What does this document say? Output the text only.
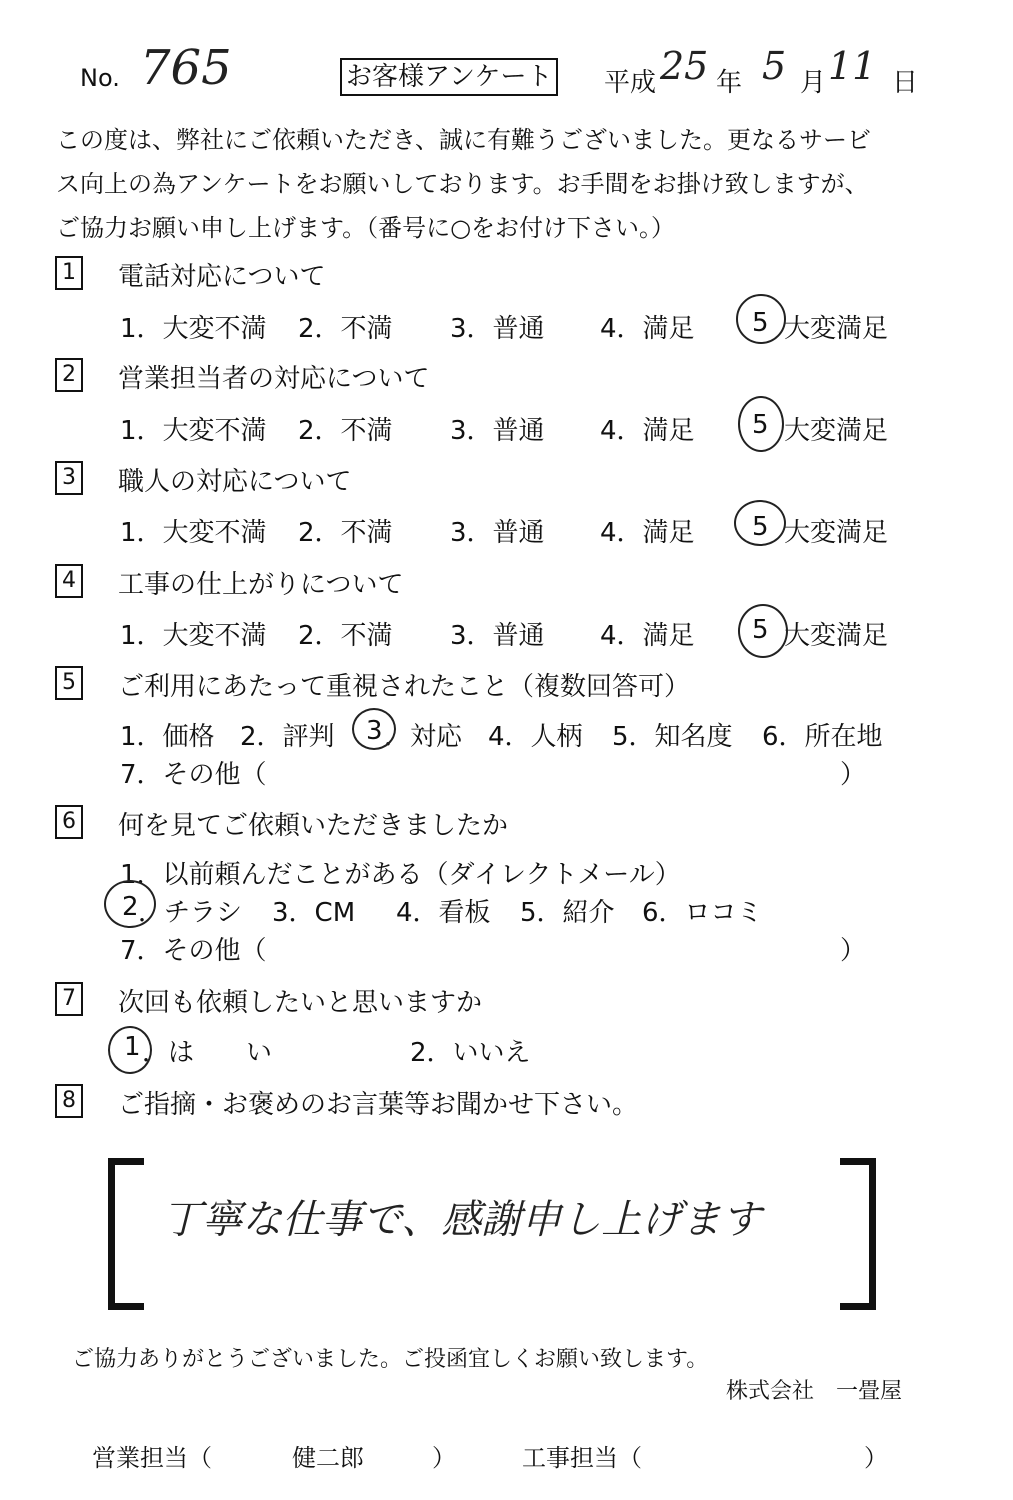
No. 765	お客様アンケート 平成 25 年 5 月 11 日
この度は、弊社にご依頼いただき、誠に有難うございました。更なるサービ
ス向上の為アンケートをお願いしております。お手間をお掛け致しますが、
ご協力お願い申し上げます。（番号に○をお付け下さい。）
1 電話対応について
1．大変不満 2．不満 3．普通 4．満足 5 大変満足
2 営業担当者の対応について
1．大変不満 2．不満 3．普通 4．満足 5 大変満足
3 職人の対応について
1．大変不満 2．不満 3．普通 4．満足 5 大変満足
4 工事の仕上がりについて
1．大変不満 2．不満 3．普通 4．満足 5 大変満足
5 ご利用にあたって重視されたこと（複数回答可）
1．価格 2．評判 3 ．対応 4．人柄 5．知名度 6．所在地
7．その他（	）
6 何を見てご依頼いただきましたか
1．以前頼んだことがある（ダイレクトメール）
2 ．チラシ 3．CM 4．看板 5．紹介 6．ロコミ
7．その他（	）
7 次回も依頼したいと思いますか
1 ．は　　い	2．いいえ
8 ご指摘・お褒めのお言葉等お聞かせ下さい。
丁寧な仕事で、感謝申し上げます
ご協力ありがとうございました。ご投函宜しくお願い致します。
株式会社　一畳屋
営業担当（	健二郎	）	工事担当（	）
